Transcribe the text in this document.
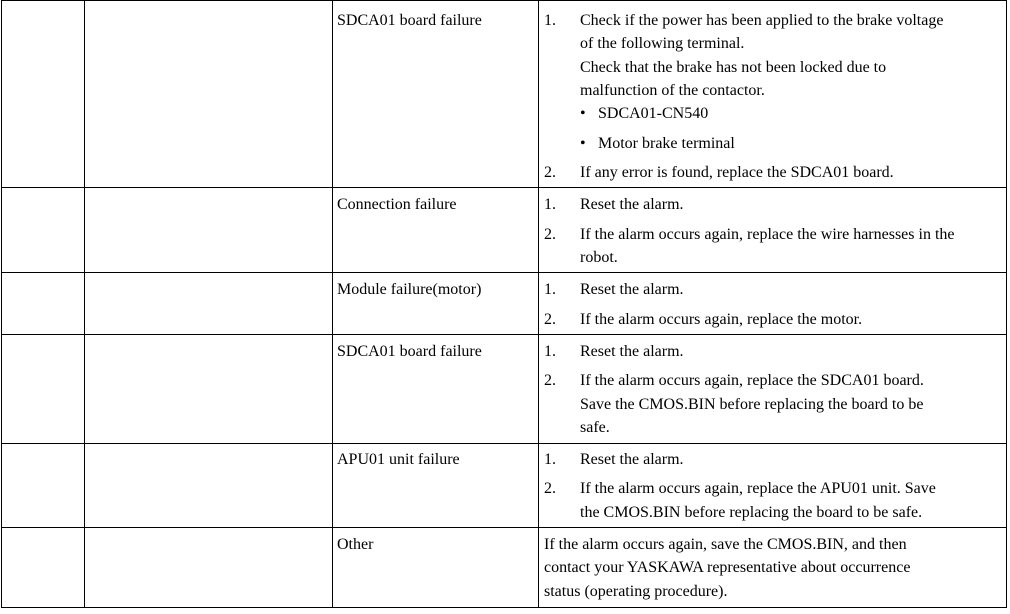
SDCA01 board failure	1. Check if the power has been applied to the brake voltage
of the following terminal.
Check that the brake has not been locked due to
malfunction of the contactor.
• SDCA01-CN540
• Motor brake terminal
2. If any error is found, replace the SDCA01 board.
Connection failure	1. Reset the alarm.
2. If the alarm occurs again, replace the wire harnesses in the
robot.
Module failure(motor)	1. Reset the alarm.
2. If the alarm occurs again, replace the motor.
SDCA01 board failure	1. Reset the alarm.
2. If the alarm occurs again, replace the SDCA01 board.
Save the CMOS.BIN before replacing the board to be
safe.
APU01 unit failure	1. Reset the alarm.
2. If the alarm occurs again, replace the APU01 unit. Save
the CMOS.BIN before replacing the board to be safe.
Other	If the alarm occurs again, save the CMOS.BIN, and then
contact your YASKAWA representative about occurrence
status (operating procedure).
